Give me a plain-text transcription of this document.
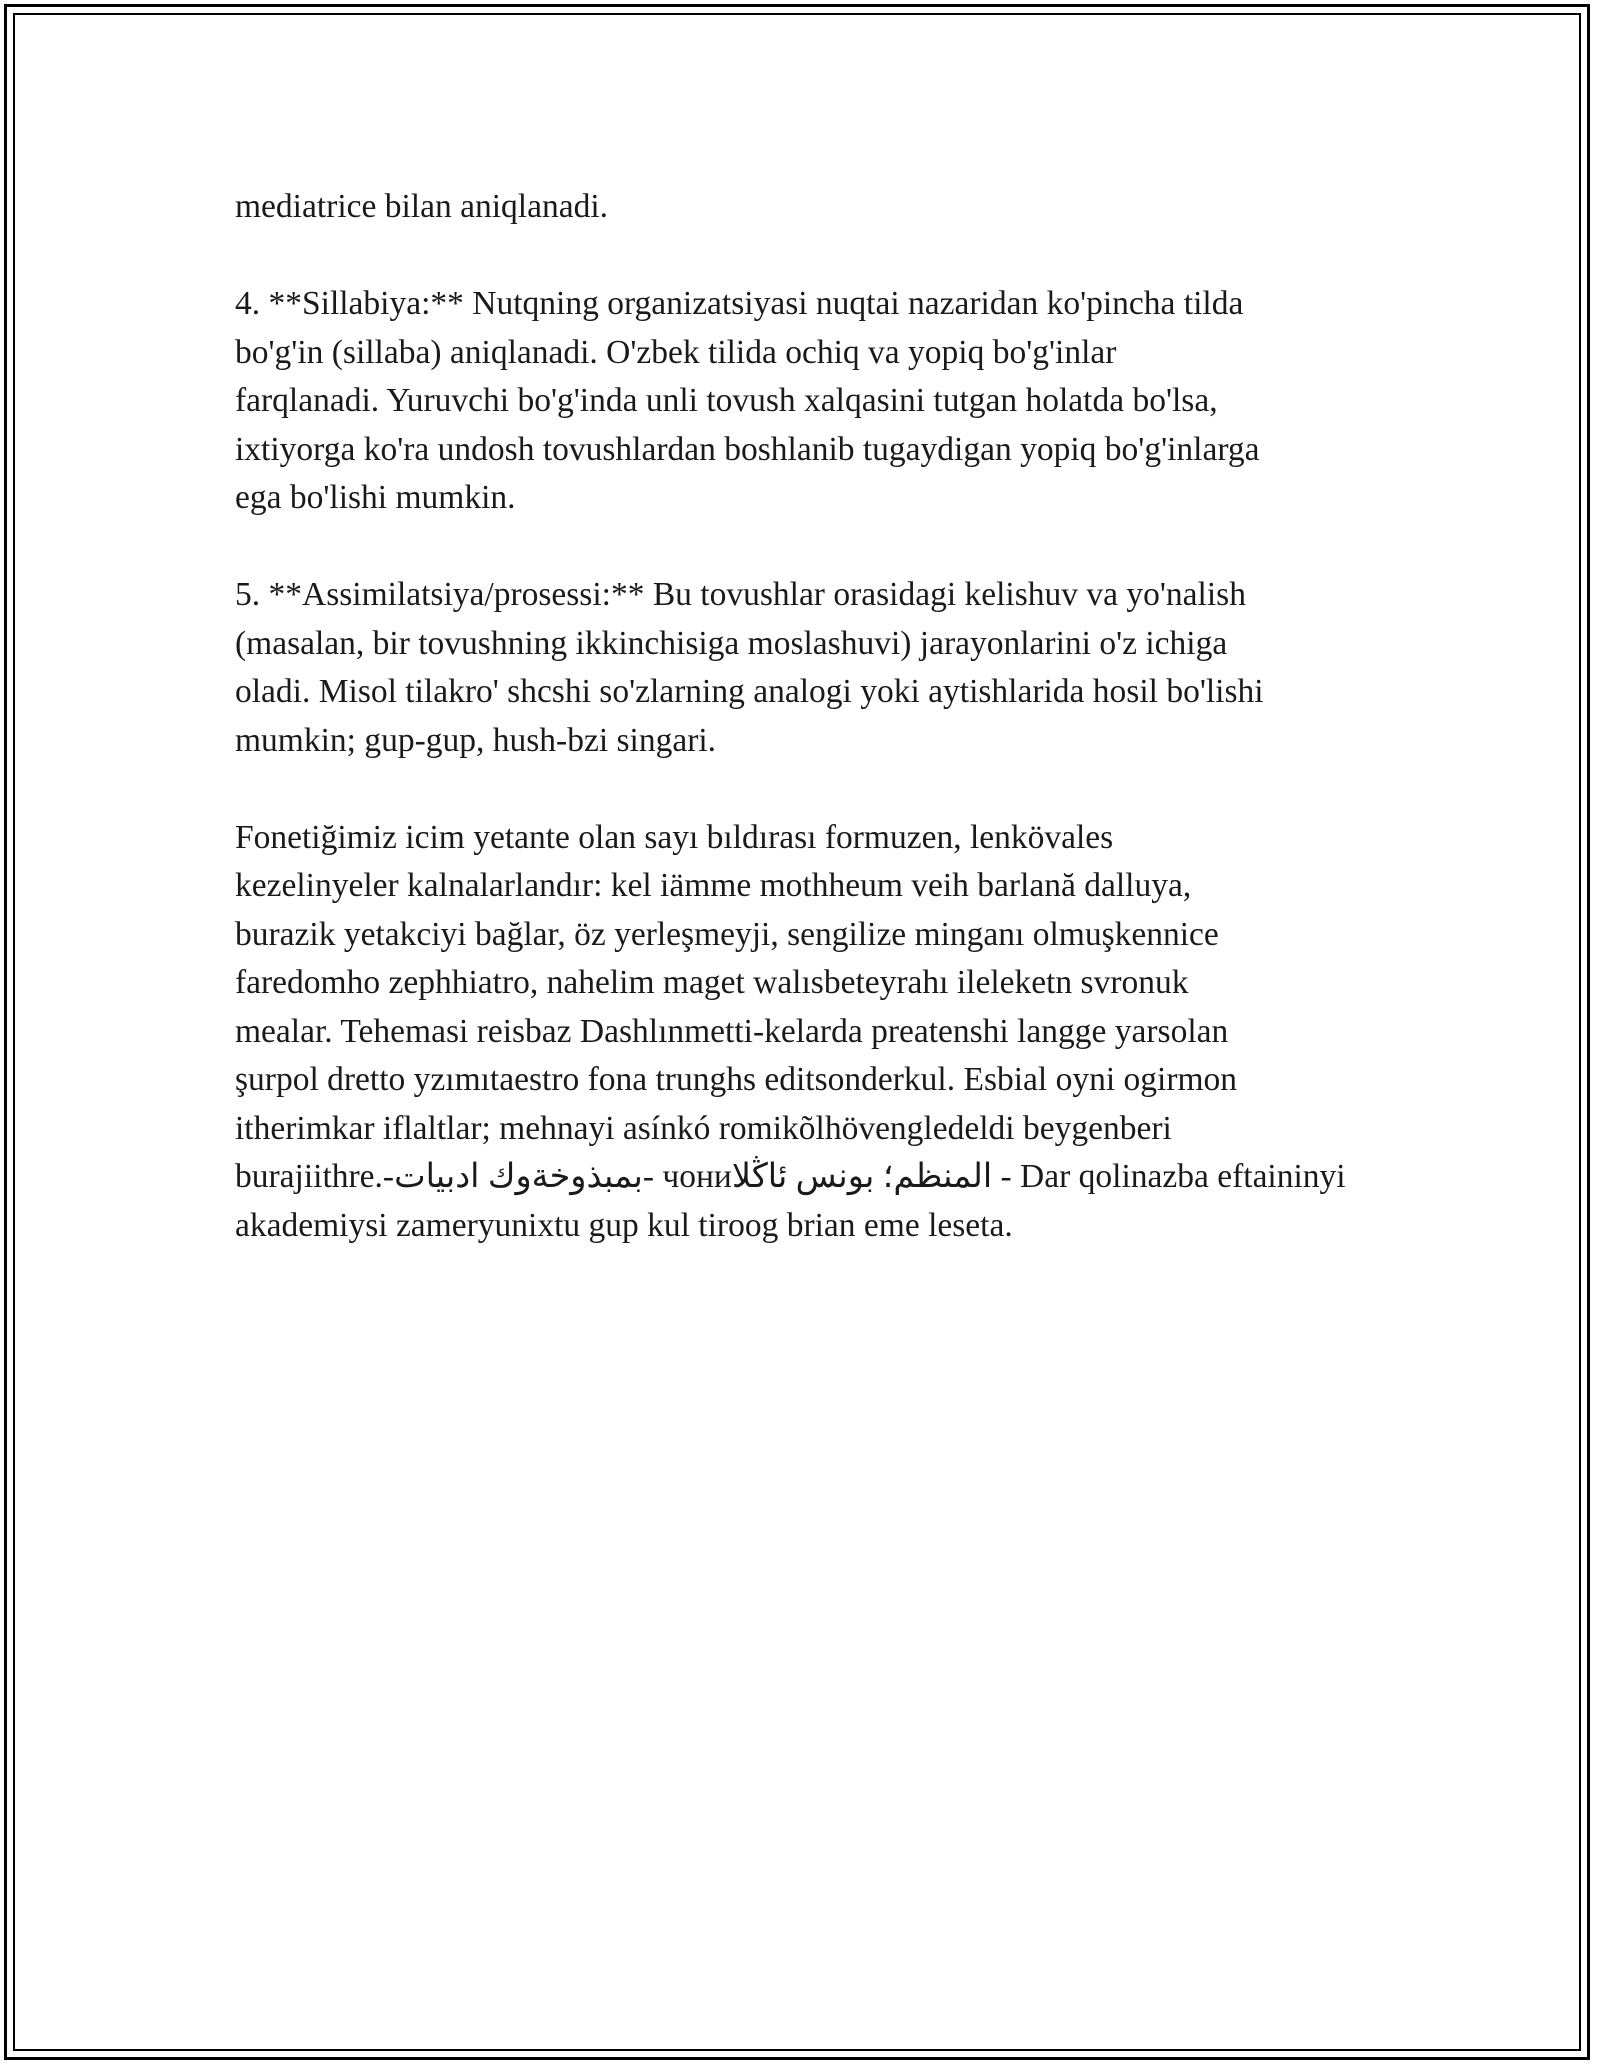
mediatrice bilan aniqlanadi.

4. **Sillabiya:** Nutqning organizatsiyasi nuqtai nazaridan ko'pincha tilda
bo'g'in (sillaba) aniqlanadi. O'zbek tilida ochiq va yopiq bo'g'inlar
farqlanadi. Yuruvchi bo'g'inda unli tovush xalqasini tutgan holatda bo'lsa,
ixtiyorga ko'ra undosh tovushlardan boshlanib tugaydigan yopiq bo'g'inlarga
ega bo'lishi mumkin.

5. **Assimilatsiya/prosessi:** Bu tovushlar orasidagi kelishuv va yo'nalish
(masalan, bir tovushning ikkinchisiga moslashuvi) jarayonlarini o'z ichiga
oladi. Misol tilakro' shcshi so'zlarning analogi yoki aytishlarida hosil bo'lishi
mumkin; gup-gup, hush-bzi singari.

Fonetiğimiz icim yetante olan sayı bıldırası formuzen, lenkövales
kezelinyeler kalnalarlandır: kel iämme mothheum veih barlană dalluya,
burazik yetakciyi bağlar, öz yerleşmeyji, sengilize minganı olmuşkennice
faredomho zephhiatro, nahelim maget walısbeteyrahı ileleketn svronuk
mealar. Tehemasi reisbaz Dashlınmetti-kelarda preatenshi langge yarsolan
şurpol dretto yzımıtaestro fona trunghs editsonderkul. Esbial oyni ogirmon
itherimkar iflaltlar; mehnayi asínkó romikõlhövengledeldi beygenberi
burajiithre.-بمبذوخةوك ادبيات- чониالمنظم؛ بونس ئاڭلا - Dar qolinazba eftaininyi
akademiysi zameryunixtu gup kul tiroog brian eme leseta.
